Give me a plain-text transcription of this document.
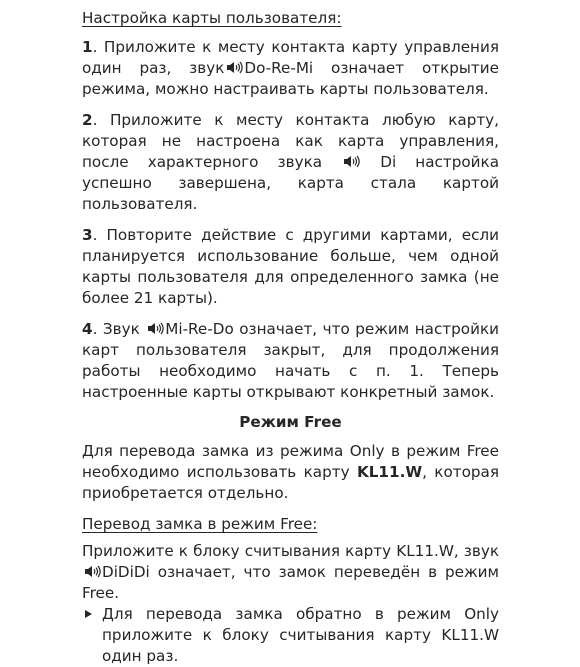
Настройка карты пользователя:

1. Приложите к месту контакта карту управления один раз, звук Do-Re-Mi означает открытие режима, можно настраивать карты пользователя.

2. Приложите к месту контакта любую карту, которая не настроена как карта управления, после характерного звука	Di настройка успешно завершена, карта стала картой пользователя.

3. Повторите действие с другими картами, если планируется использование больше, чем одной карты пользователя для определенного замка (не более 21 карты).

4. Звук Mi-Re-Do означает, что режим настройки карт пользователя закрыт, для продолжения работы необходимо начать с п. 1. Теперь настроенные карты открывают конкретный замок.

Режим Free

Для перевода замка из режима Only в режим Free необходимо использовать карту KL11.W, которая приобретается отдельно.

Перевод замка в режим Free:

Приложите к блоку считывания карту KL11.W, звук DiDiDi означает, что замок переведён в режим Free.

Для перевода замка обратно в режим Only приложите к блоку считывания карту KL11.W один раз.
